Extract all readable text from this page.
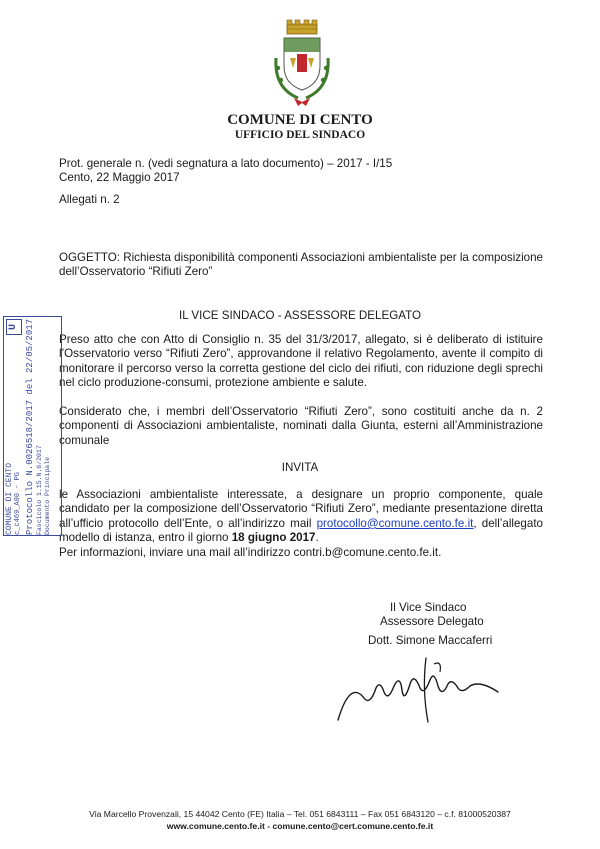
COMUNE DI CENTO
UFFICIO DEL SINDACO
Prot. generale n. (vedi segnatura a lato documento) – 2017 - I/15
Cento, 22 Maggio 2017
Allegati n. 2
OGGETTO: Richiesta disponibilità componenti Associazioni ambientaliste per la composizione dell’Osservatorio “Rifiuti Zero”
IL VICE SINDACO - ASSESSORE DELEGATO
Preso atto che con Atto di Consiglio n. 35 del 31/3/2017, allegato, si è deliberato di istituire l’Osservatorio verso “Rifiuti Zero”, approvandone il relativo Regolamento, avente il compito di monitorare il percorso verso la corretta gestione del ciclo dei rifiuti, con riduzione degli sprechi nel ciclo produzione-consumi, protezione ambiente e salute.
Considerato che, i membri dell’Osservatorio “Rifiuti Zero”, sono costituiti anche da n. 2 componenti di Associazioni ambientaliste, nominati dalla Giunta, esterni all’Amministrazione comunale
INVITA
le Associazioni ambientaliste interessate, a designare un proprio componente, quale candidato per la composizione dell’Osservatorio “Rifiuti Zero”, mediante presentazione diretta all’ufficio protocollo dell’Ente, o all’indirizzo mail protocollo@comune.cento.fe.it, dell’allegato modello di istanza, entro il giorno 18 giugno 2017.
Per informazioni, inviare una mail all’indirizzo contri.b@comune.cento.fe.it.
Il Vice Sindaco
Assessore Delegato
Dott. Simone Maccaferri
COMUNE DI CENTO c_c469_A00 - PG Protocollo N.0026518/2017 del 22/05/2017 Fascicolo 1.15.N.6/2017 Documento Principale
U
Via Marcello Provenzali, 15 44042 Cento (FE) Italia – Tel. 051 6843111 – Fax 051 6843120 – c.f. 81000520387
www.comune.cento.fe.it - comune.cento@cert.comune.cento.fe.it
